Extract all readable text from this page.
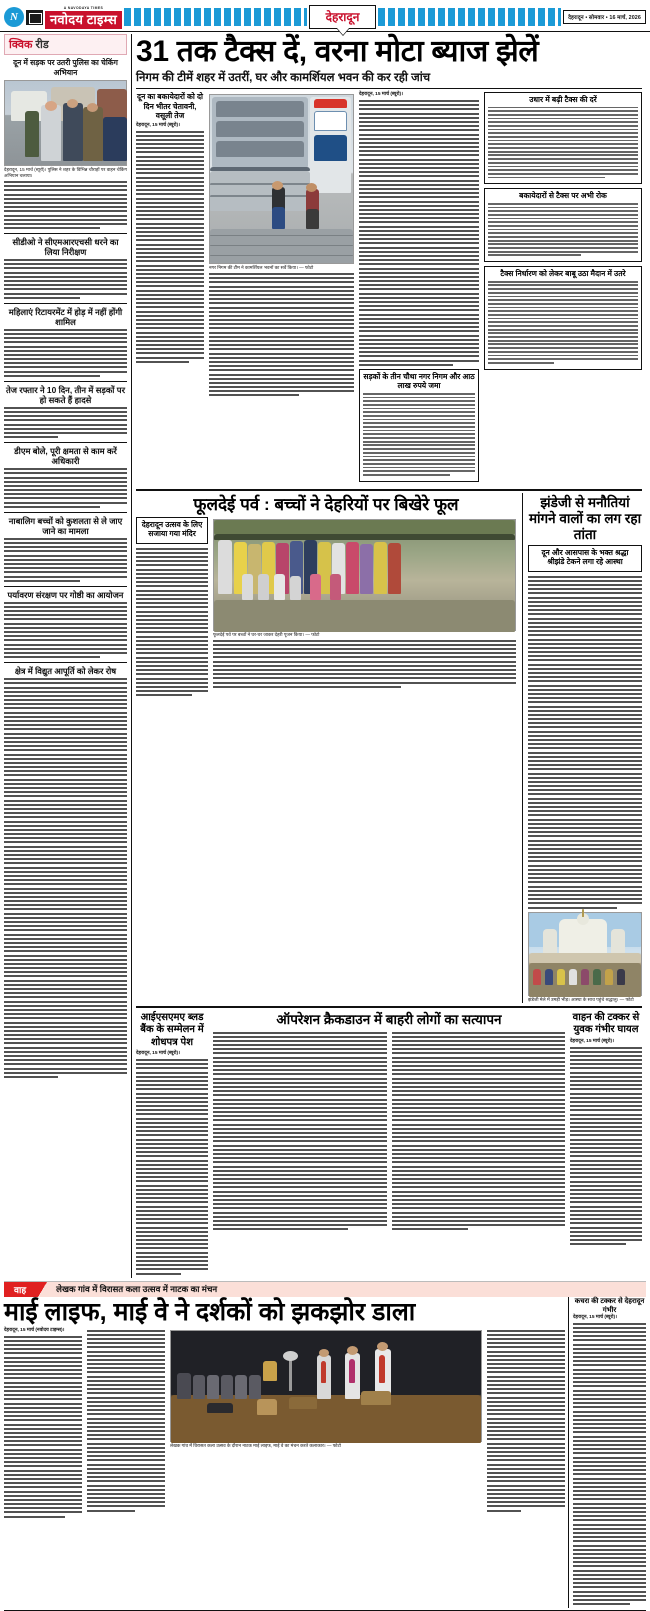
N
A NAVODAYA TIMES
नवोदय टाइम्स	देहरादून	देहरादून • सोमवार • 16 मार्च, 2026
क्विक रीड
दून में सड़क पर उतरी पुलिस का चेकिंग अभियान
देहरादून, 15 मार्च (ब्यूरो)। पुलिस ने शहर के विभिन्न चौराहों पर वाहन चेकिंग अभियान चलाया।
सीडीओ ने सीएमआरएचसी धरने का लिया निरीक्षण
महिलाएं रिटायरमेंट में होड़ में नहीं होंगी शामिल
तेज रफ्तार ने 10 दिन, तीन में सड़कों पर हो सकते हैं हादसे
डीएम बोले, पूरी क्षमता से काम करें अधिकारी
नाबालिग बच्चों को कुशलता से ले जाए जाने का मामला
पर्यावरण संरक्षण पर गोष्ठी का आयोजन
क्षेत्र में विद्युत आपूर्ति को लेकर रोष
31 तक टैक्स दें, वरना मोटा ब्याज झेलें
निगम की टीमें शहर में उतरीं, घर और कामर्शियल भवन की कर रही जांच
दून का बकायेदारों को दो दिन भीतर चेतावनी, वसूली तेज
देहरादून, 15 मार्च (ब्यूरो)।
नगर निगम की टीम ने कामर्शियल भवनों का सर्वे किया। — फोटो
देहरादून, 15 मार्च (ब्यूरो)।
सड़कों के तीन चौथा नगर निगम और आठ लाख रुपये जमा
उधार में बढ़ी टैक्स की दरें
बकायेदारों से टैक्स पर अभी रोक
टैक्स निर्धारण को लेकर बाबू उठा मैदान में उतरे
फूलदेई पर्व : बच्चों ने देहरियों पर बिखेरे फूल
देहरादून उत्सव के लिए सजाया गया मंदिर
फूलदेई पर्व पर बच्चों ने घर-घर जाकर देहरी पूजन किया। — फोटो
झंडेजी से मनौतियां मांगने वालों का लग रहा तांता
दून और आसपास के भक्त श्रद्धा श्रीझंडे टेकने लगा रहे आस्था
झंडेजी मेले में उमड़ी भीड़। आस्था के साथ पहुंचे श्रद्धालु। — फोटो
आईएसएमए ब्लड बैंक के सम्मेलन में शोधपत्र पेश
देहरादून, 15 मार्च (ब्यूरो)।
ऑपरेशन क्रैकडाउन में बाहरी लोगों का सत्यापन	वाहन की टक्कर से युवक गंभीर घायल
देहरादून, 15 मार्च (ब्यूरो)।
वाह	लेखक गांव में विरासत कला उत्सव में नाटक का मंचन
माई लाइफ, माई वे ने दर्शकों को झकझोर डाला
देहरादून, 15 मार्च (नवोदय टाइम्स)।
लेखक गांव में विरासत कला उत्सव के दौरान नाटक माई लाइफ, माई वे का मंचन करते कलाकार। — फोटो
कचरा की टक्कर से देहरादून गंभीर
देहरादून, 15 मार्च (ब्यूरो)।
